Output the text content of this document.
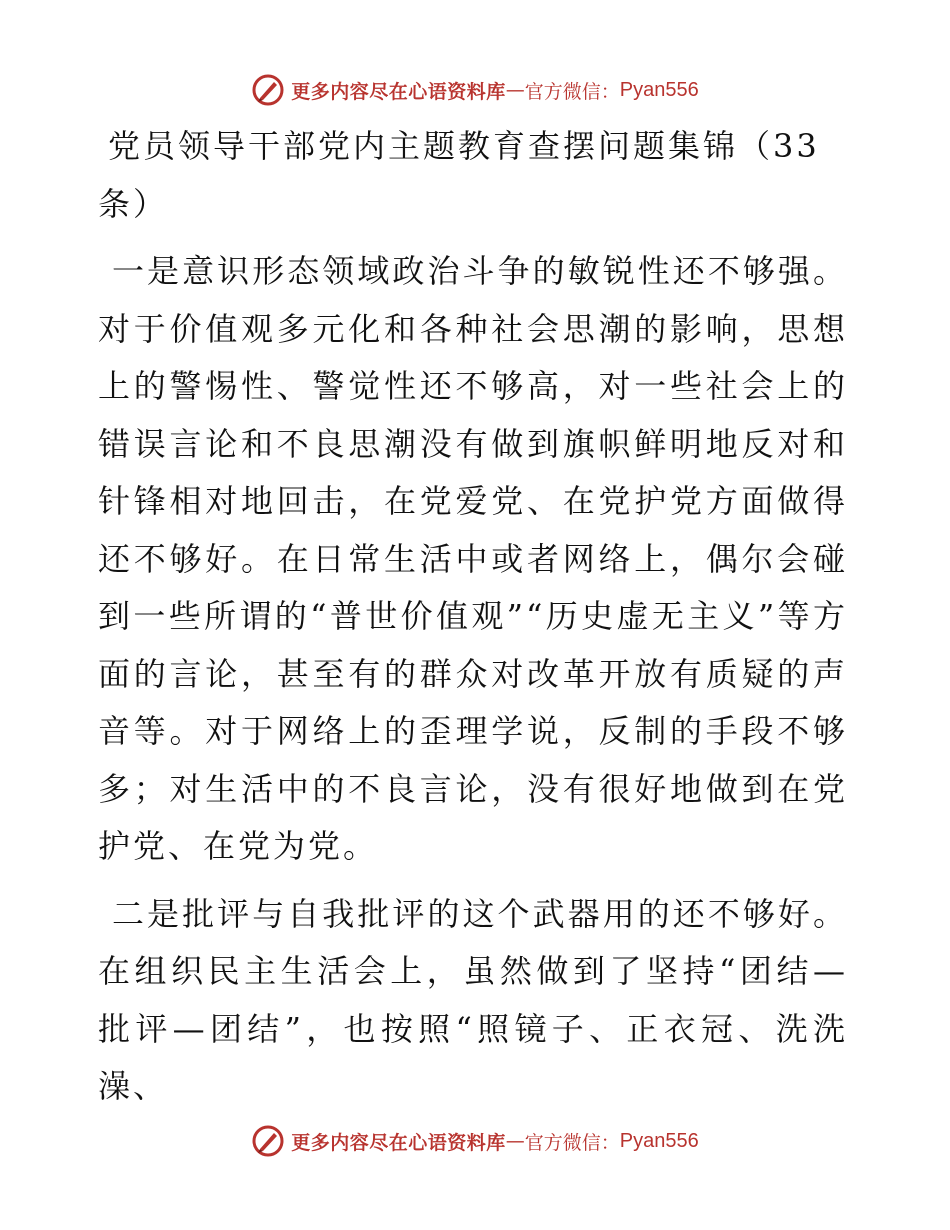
更多内容尽在心语资料库 — 官方微信： Pyan556
党员领导干部党内主题教育查摆问题集锦（33条）

一是意识形态领域政治斗争的敏锐性还不够强。对于价值观多元化和各种社会思潮的影响，思想上的警惕性、警觉性还不够高，对一些社会上的错误言论和不良思潮没有做到旗帜鲜明地反对和针锋相对地回击，在党爱党、在党护党方面做得还不够好。在日常生活中或者网络上，偶尔会碰到一些所谓的“普世价值观”“历史虚无主义”等方面的言论，甚至有的群众对改革开放有质疑的声音等。对于网络上的歪理学说，反制的手段不够多；对生活中的不良言论，没有很好地做到在党护党、在党为党。

二是批评与自我批评的这个武器用的还不够好。在组织民主生活会上，虽然做到了坚持“团结—批评—团结”，也按照“照镜子、正衣冠、洗洗澡、

更多内容尽在心语资料库 — 官方微信： Pyan556
